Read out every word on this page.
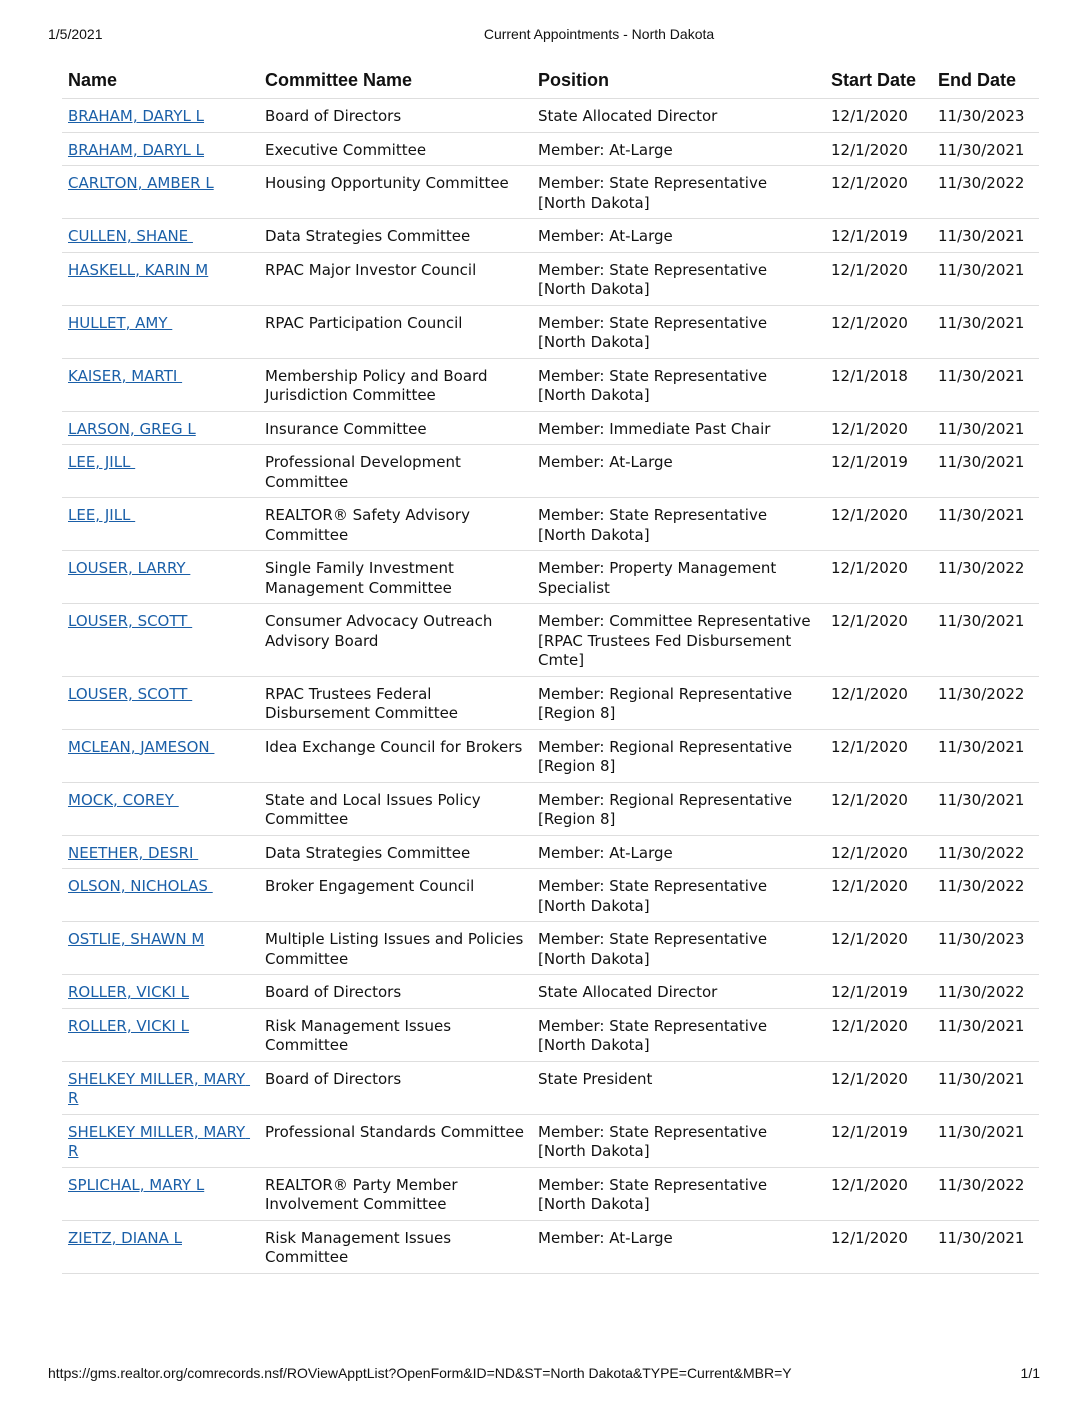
1/5/2021	Current Appointments - North Dakota
Name	Committee Name	Position	Start Date	End Date
BRAHAM, DARYL L	Board of Directors	State Allocated Director	12/1/2020	11/30/2023
BRAHAM, DARYL L	Executive Committee	Member: At-Large	12/1/2020	11/30/2021
CARLTON, AMBER L	Housing Opportunity Committee	Member: State Representative [North Dakota]	12/1/2020	11/30/2022
CULLEN, SHANE	Data Strategies Committee	Member: At-Large	12/1/2019	11/30/2021
HASKELL, KARIN M	RPAC Major Investor Council	Member: State Representative [North Dakota]	12/1/2020	11/30/2021
HULLET, AMY	RPAC Participation Council	Member: State Representative [North Dakota]	12/1/2020	11/30/2021
KAISER, MARTI	Membership Policy and Board Jurisdiction Committee	Member: State Representative [North Dakota]	12/1/2018	11/30/2021
LARSON, GREG L	Insurance Committee	Member: Immediate Past Chair	12/1/2020	11/30/2021
LEE, JILL	Professional Development Committee	Member: At-Large	12/1/2019	11/30/2021
LEE, JILL	REALTOR® Safety Advisory Committee	Member: State Representative [North Dakota]	12/1/2020	11/30/2021
LOUSER, LARRY	Single Family Investment Management Committee	Member: Property Management Specialist	12/1/2020	11/30/2022
LOUSER, SCOTT	Consumer Advocacy Outreach Advisory Board	Member: Committee Representative [RPAC Trustees Fed Disbursement Cmte]	12/1/2020	11/30/2021
LOUSER, SCOTT	RPAC Trustees Federal Disbursement Committee	Member: Regional Representative [Region 8]	12/1/2020	11/30/2022
MCLEAN, JAMESON	Idea Exchange Council for Brokers	Member: Regional Representative [Region 8]	12/1/2020	11/30/2021
MOCK, COREY	State and Local Issues Policy Committee	Member: Regional Representative [Region 8]	12/1/2020	11/30/2021
NEETHER, DESRI	Data Strategies Committee	Member: At-Large	12/1/2020	11/30/2022
OLSON, NICHOLAS	Broker Engagement Council	Member: State Representative [North Dakota]	12/1/2020	11/30/2022
OSTLIE, SHAWN M	Multiple Listing Issues and Policies Committee	Member: State Representative [North Dakota]	12/1/2020	11/30/2023
ROLLER, VICKI L	Board of Directors	State Allocated Director	12/1/2019	11/30/2022
ROLLER, VICKI L	Risk Management Issues Committee	Member: State Representative [North Dakota]	12/1/2020	11/30/2021
SHELKEY MILLER, MARY R	Board of Directors	State President	12/1/2020	11/30/2021
SHELKEY MILLER, MARY R	Professional Standards Committee	Member: State Representative [North Dakota]	12/1/2019	11/30/2021
SPLICHAL, MARY L	REALTOR® Party Member Involvement Committee	Member: State Representative [North Dakota]	12/1/2020	11/30/2022
ZIETZ, DIANA L	Risk Management Issues Committee	Member: At-Large	12/1/2020	11/30/2021
https://gms.realtor.org/comrecords.nsf/ROViewApptList?OpenForm&ID=ND&ST=North Dakota&TYPE=Current&MBR=Y	1/1
